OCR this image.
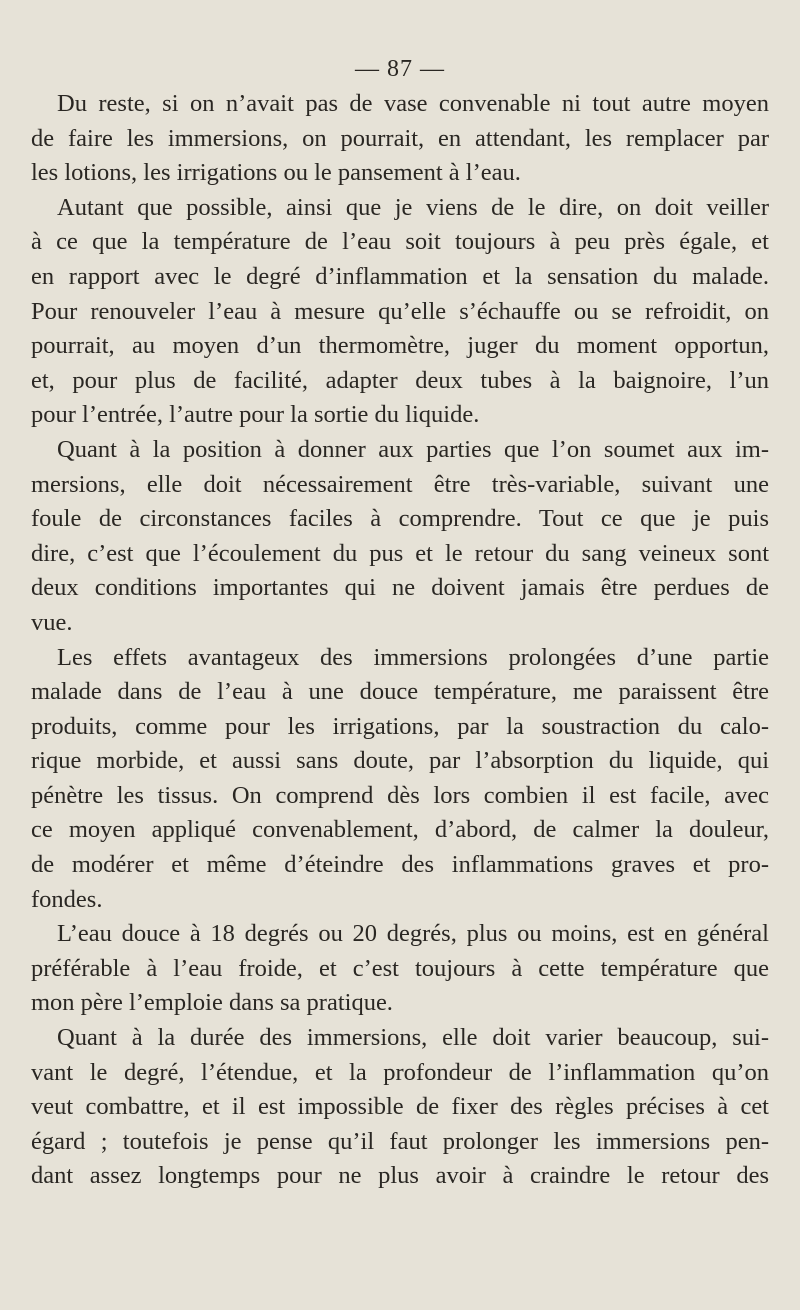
— 87 —
Du reste, si on n’avait pas de vase convenable ni tout autre moyen
de faire les immersions, on pourrait, en attendant, les remplacer par
les lotions, les irrigations ou le pansement à l’eau.
Autant que possible, ainsi que je viens de le dire, on doit veiller
à ce que la température de l’eau soit toujours à peu près égale, et
en rapport avec le degré d’inflammation et la sensation du malade.
Pour renouveler l’eau à mesure qu’elle s’échauffe ou se refroidit, on
pourrait, au moyen d’un thermomètre, juger du moment opportun,
et, pour plus de facilité, adapter deux tubes à la baignoire, l’un
pour l’entrée, l’autre pour la sortie du liquide.
Quant à la position à donner aux parties que l’on soumet aux im-
mersions, elle doit nécessairement être très-variable, suivant une
foule de circonstances faciles à comprendre. Tout ce que je puis
dire, c’est que l’écoulement du pus et le retour du sang veineux sont
deux conditions importantes qui ne doivent jamais être perdues de
vue.
Les effets avantageux des immersions prolongées d’une partie
malade dans de l’eau à une douce température, me paraissent être
produits, comme pour les irrigations, par la soustraction du calo-
rique morbide, et aussi sans doute, par l’absorption du liquide, qui
pénètre les tissus. On comprend dès lors combien il est facile, avec
ce moyen appliqué convenablement, d’abord, de calmer la douleur,
de modérer et même d’éteindre des inflammations graves et pro-
fondes.
L’eau douce à 18 degrés ou 20 degrés, plus ou moins, est en général
préférable à l’eau froide, et c’est toujours à cette température que
mon père l’emploie dans sa pratique.
Quant à la durée des immersions, elle doit varier beaucoup, sui-
vant le degré, l’étendue, et la profondeur de l’inflammation qu’on
veut combattre, et il est impossible de fixer des règles précises à cet
égard ; toutefois je pense qu’il faut prolonger les immersions pen-
dant assez longtemps pour ne plus avoir à craindre le retour des
